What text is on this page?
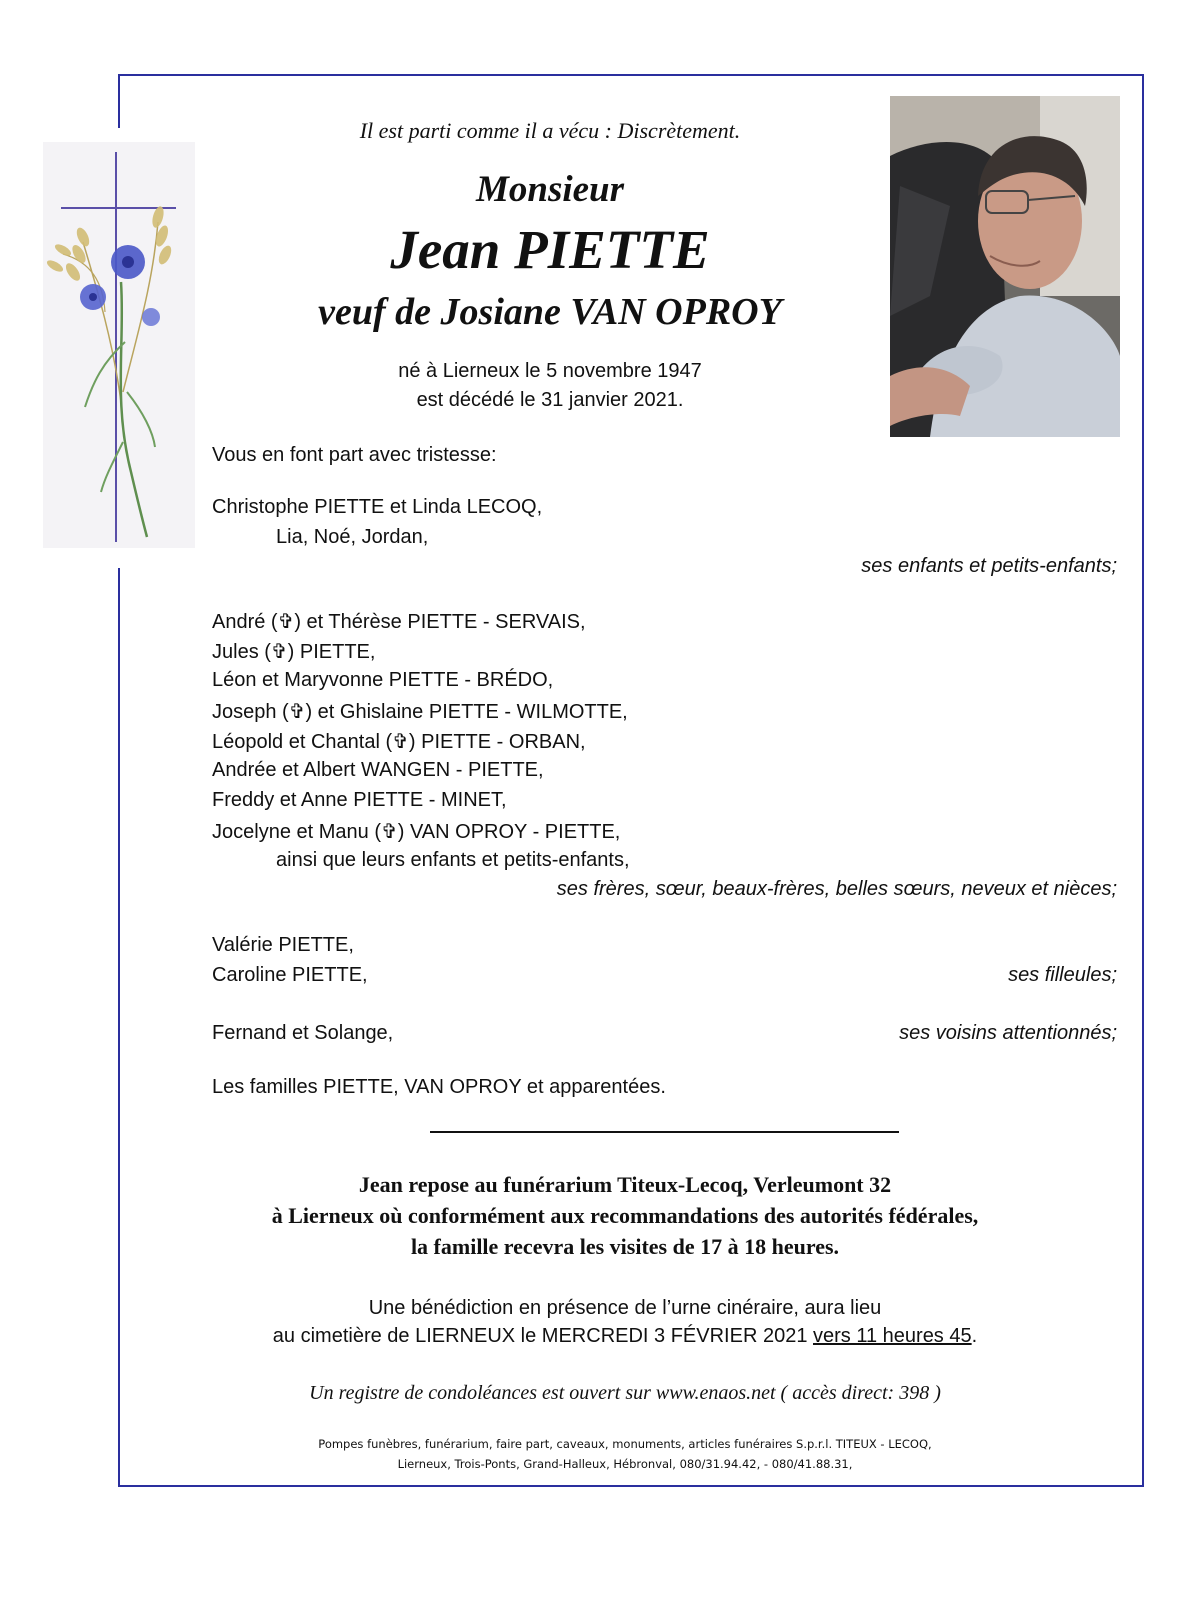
Il est parti comme il a vécu : Discrètement.
Monsieur
Jean PIETTE
veuf de Josiane VAN OPROY
né à Lierneux le 5 novembre 1947
est décédé le 31 janvier 2021.
Vous en font part avec tristesse:
Christophe PIETTE et Linda LECOQ,
Lia, Noé, Jordan,
ses enfants et petits-enfants;
André (✞) et Thérèse PIETTE - SERVAIS,
Jules (✞) PIETTE,
Léon et Maryvonne PIETTE - BRÉDO,
Joseph (✞) et Ghislaine PIETTE - WILMOTTE,
Léopold et Chantal (✞) PIETTE - ORBAN,
Andrée et Albert WANGEN - PIETTE,
Freddy et Anne PIETTE - MINET,
Jocelyne et Manu (✞) VAN OPROY - PIETTE,
ainsi que leurs enfants et petits-enfants,
ses frères, sœur, beaux-frères, belles sœurs, neveux et nièces;
Valérie PIETTE,
Caroline PIETTE,	ses filleules;
Fernand et Solange,	ses voisins attentionnés;
Les familles PIETTE, VAN OPROY et apparentées.
Jean repose au funérarium Titeux-Lecoq, Verleumont 32
à Lierneux où conformément aux recommandations des autorités fédérales,
la famille recevra les visites de 17 à 18 heures.
Une bénédiction en présence de l’urne cinéraire, aura lieu
au cimetière de LIERNEUX le MERCREDI 3 FÉVRIER 2021 vers 11 heures 45.
Un registre de condoléances est ouvert sur www.enaos.net ( accès direct: 398 )
Pompes funèbres, funérarium, faire part, caveaux, monuments, articles funéraires S.p.r.l. TITEUX - LECOQ,
Lierneux, Trois-Ponts, Grand-Halleux, Hébronval, 080/31.94.42, - 080/41.88.31,
